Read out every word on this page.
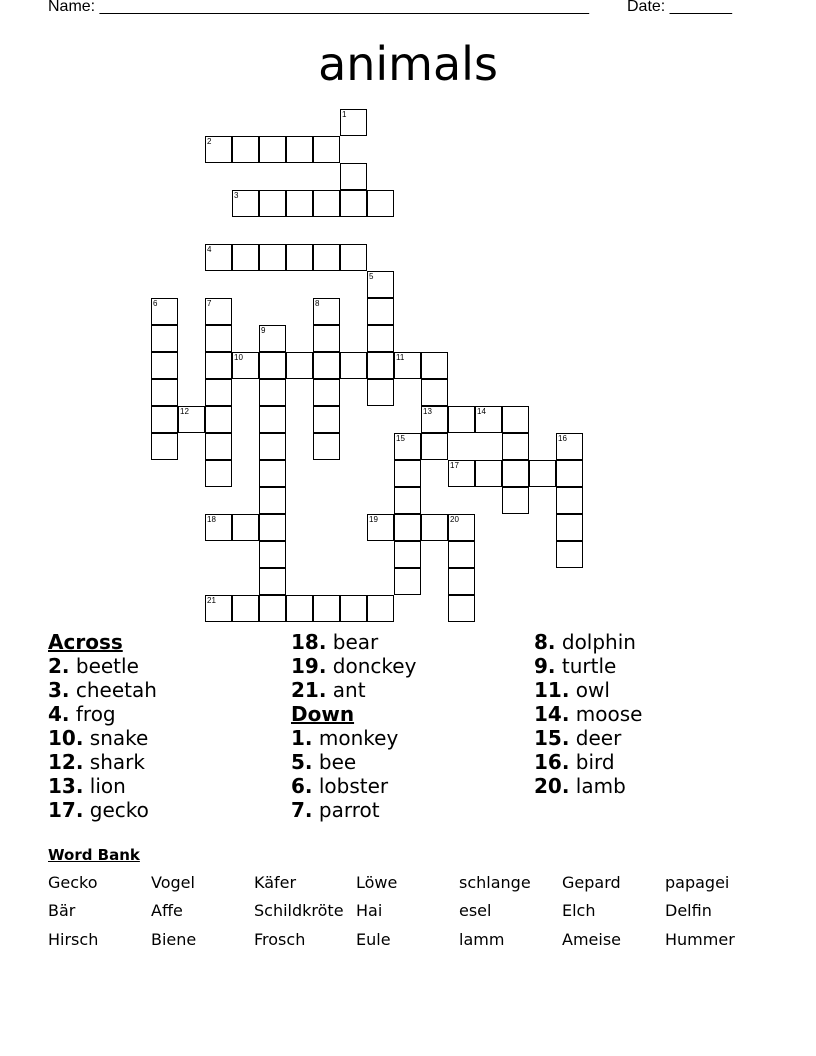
Name: _______________________________________________________ Date: _______
animals
1
2
3
4
5
6	7	8
9
10	11
12	13	14
15	16
17
18	19	20
21
Across
2. beetle
3. cheetah
4. frog
10. snake
12. shark
13. lion
17. gecko
18. bear
19. donckey
21. ant
Down
1. monkey
5. bee
6. lobster
7. parrot
8. dolphin
9. turtle
11. owl
14. moose
15. deer
16. bird
20. lamb
Word Bank
Gecko	Vogel	Käfer	Löwe	schlange Gepard	papagei
Bär	Affe	Schildkröte Hai	esel	Elch	Delfin
Hirsch	Biene	Frosch	Eule	lamm	Ameise	Hummer
